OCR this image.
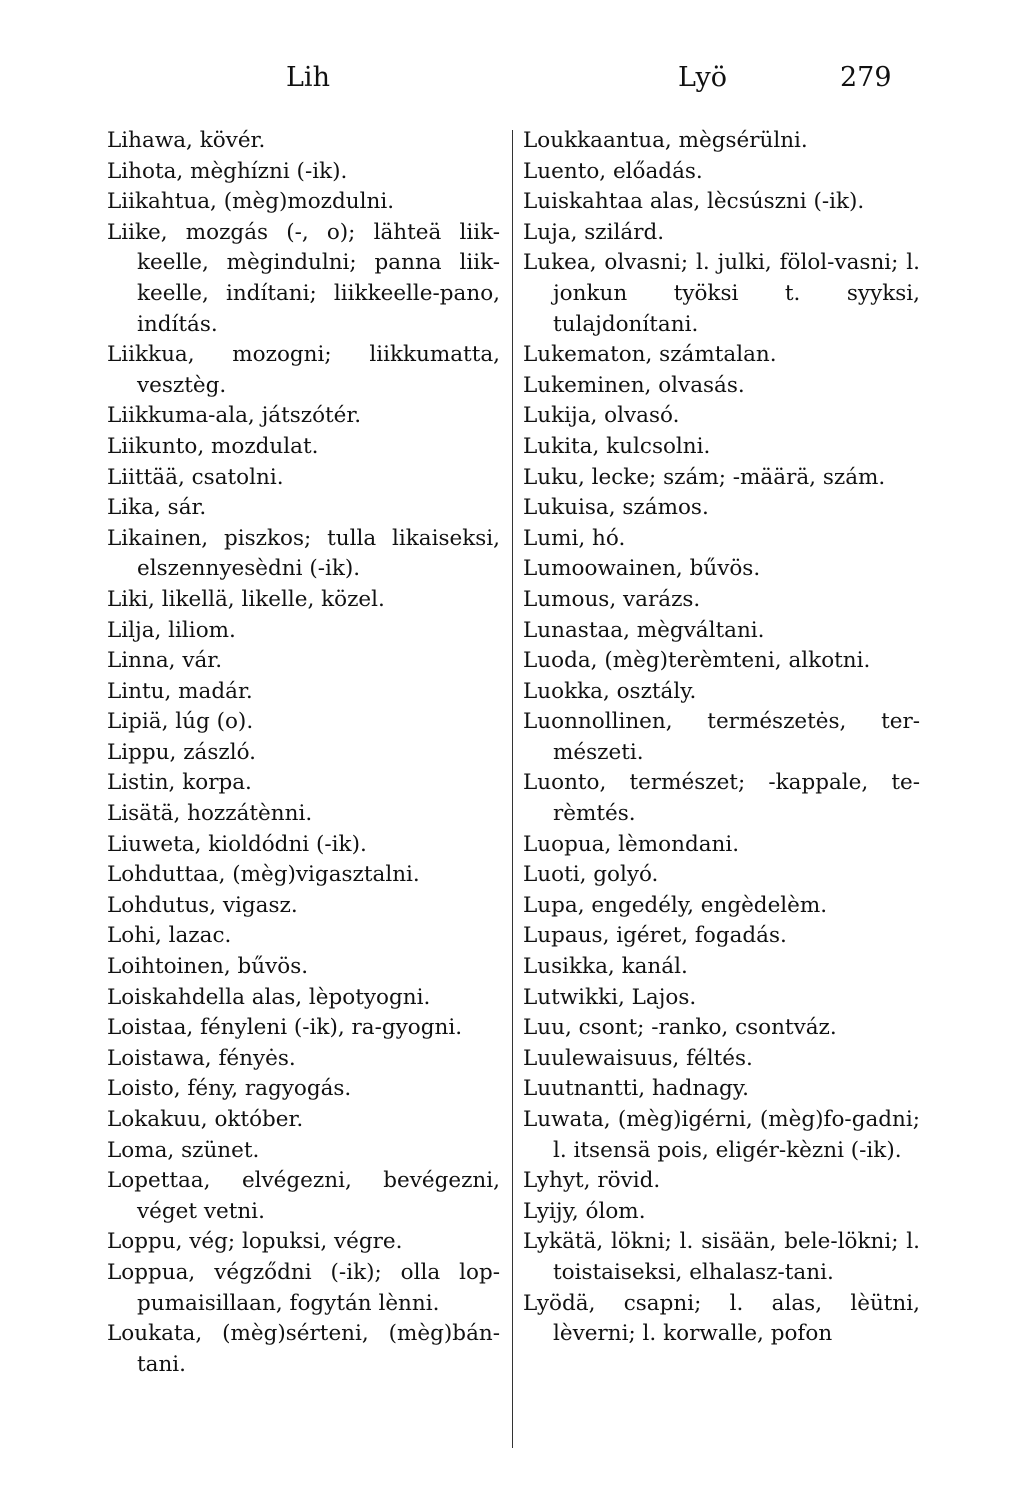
Lih	Lyö	279

Lihawa, kövér.

Lihota, mèghízni (-ik).

Liikahtua, (mèg)mozdulni.

Liike, mozgás (-, o); lähteä liik-keelle, mègindulni; panna liik-keelle, indítani; liikkeelle-pano, indítás.

Liikkua, mozogni; liikkumatta, vesztèg.

Liikkuma-ala, játszótér.

Liikunto, mozdulat.

Liittää, csatolni.

Lika, sár.

Likainen, piszkos; tulla likaiseksi, elszennyesèdni (-ik).

Liki, likellä, likelle, közel.

Lilja, liliom.

Linna, vár.

Lintu, madár.

Lipiä, lúg (o).

Lippu, zászló.

Listin, korpa.

Lisätä, hozzátènni.

Liuweta, kioldódni (-ik).

Lohduttaa, (mèg)vigasztalni.

Lohdutus, vigasz.

Lohi, lazac.

Loihtoinen, bűvös.

Loiskahdella alas, lèpotyogni.

Loistaa, fényleni (-ik), ra-gyogni.

Loistawa, fényės.

Loisto, fény, ragyogás.

Lokakuu, október.

Loma, szünet.

Lopettaa, elvégezni, bevégezni, véget vetni.

Loppu, vég; lopuksi, végre.

Loppua, végződni (-ik); olla lop-pumaisillaan, fogytán lènni.

Loukata, (mèg)sérteni, (mèg)bán-tani.

Loukkaantua, mègsérülni.

Luento, előadás.

Luiskahtaa alas, lècsúszni (-ik).

Luja, szilárd.

Lukea, olvasni; l. julki, fölol-vasni; l. jonkun työksi t. syyksi, tulajdonítani.

Lukematon, számtalan.

Lukeminen, olvasás.

Lukija, olvasó.

Lukita, kulcsolni.

Luku, lecke; szám; -määrä, szám.

Lukuisa, számos.

Lumi, hó.

Lumoowainen, bűvös.

Lumous, varázs.

Lunastaa, mègváltani.

Luoda, (mèg)terèmteni, alkotni.

Luokka, osztály.

Luonnollinen, természetės, ter-mészeti.

Luonto, természet; -kappale, te-rèmtés.

Luopua, lèmondani.

Luoti, golyó.

Lupa, engedély, engèdelèm.

Lupaus, igéret, fogadás.

Lusikka, kanál.

Lutwikki, Lajos.

Luu, csont; -ranko, csontváz.

Luulewaisuus, féltés.

Luutnantti, hadnagy.

Luwata, (mèg)igérni, (mèg)fo-gadni; l. itsensä pois, eligér-kèzni (-ik).

Lyhyt, rövid.

Lyijy, ólom.

Lykätä, lökni; l. sisään, bele-lökni; l. toistaiseksi, elhalasz-tani.

Lyödä, csapni; l. alas, lèütni, lèverni; l. korwalle, pofon
